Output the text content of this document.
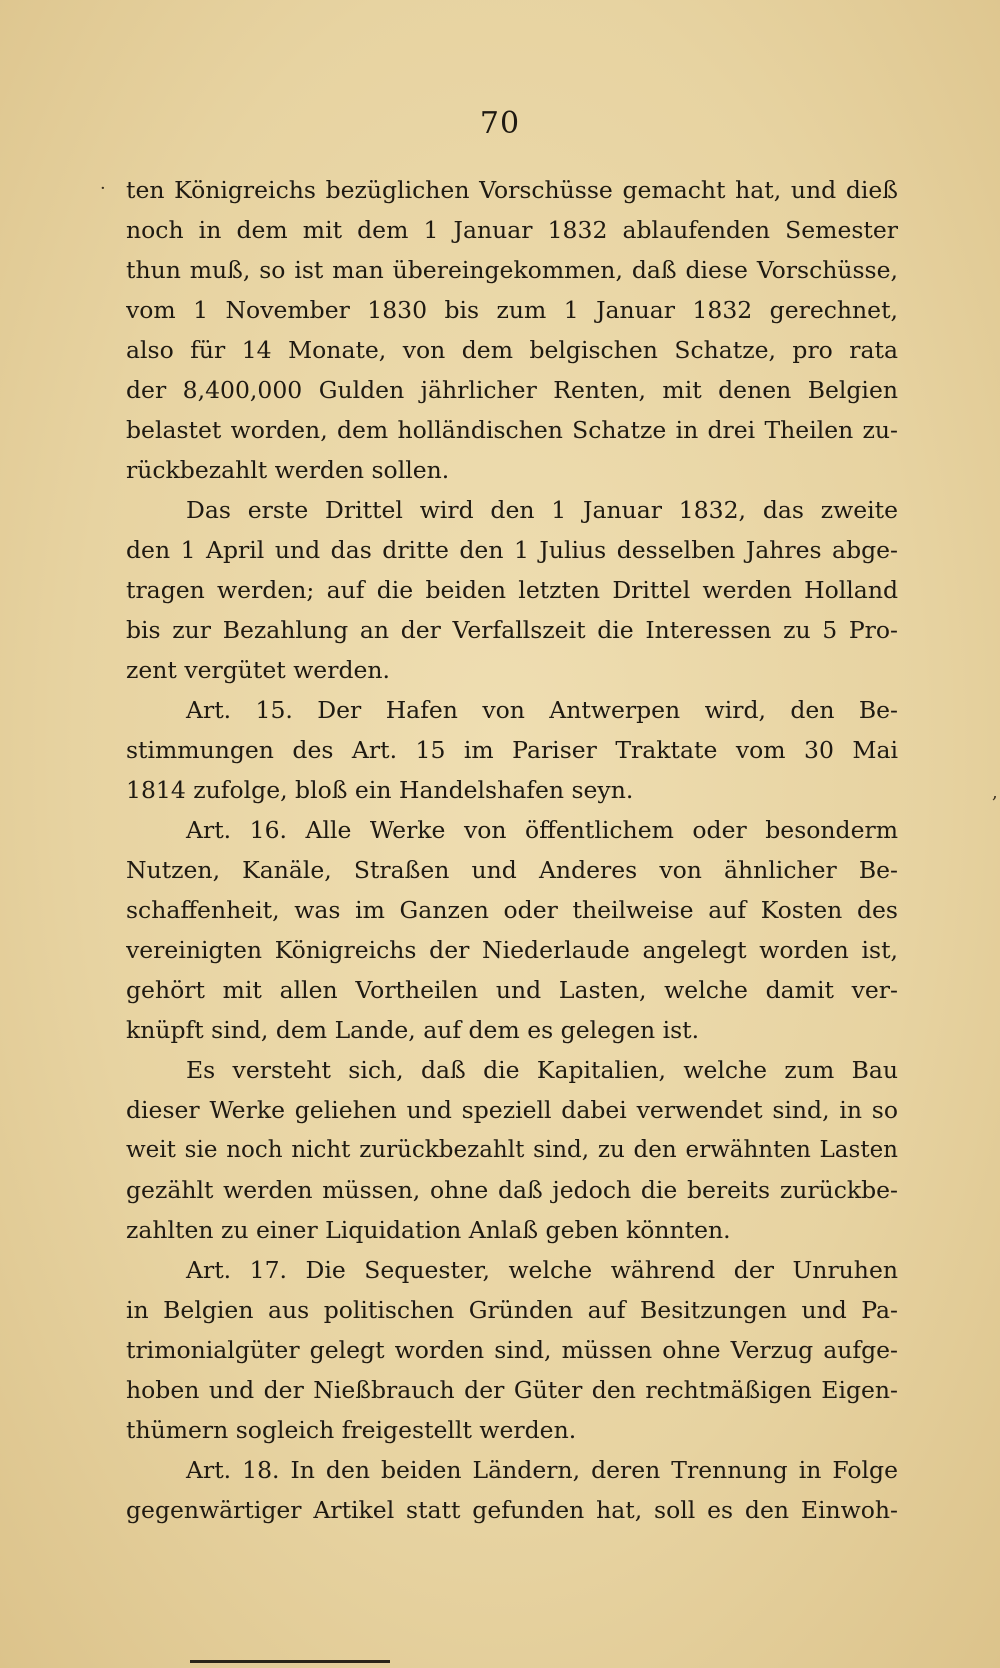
70
·
,
ten Königreichs bezüglichen Vorschüsse gemacht hat, und dieß
noch in dem mit dem 1 Januar 1832 ablaufenden Semester
thun muß, so ist man übereingekommen, daß diese Vorschüsse,
vom 1 November 1830 bis zum 1 Januar 1832 gerechnet,
also für 14 Monate, von dem belgischen Schatze, pro rata
der 8,400,000 Gulden jährlicher Renten, mit denen Belgien
belastet worden, dem holländischen Schatze in drei Theilen zu-
rückbezahlt werden sollen.
Das erste Drittel wird den 1 Januar 1832, das zweite
den 1 April und das dritte den 1 Julius desselben Jahres abge-
tragen werden; auf die beiden letzten Drittel werden Holland
bis zur Bezahlung an der Verfallszeit die Interessen zu 5 Pro-
zent vergütet werden.
Art. 15. Der Hafen von Antwerpen wird, den Be-
stimmungen des Art. 15 im Pariser Traktate vom 30 Mai
1814 zufolge, bloß ein Handelshafen seyn.
Art. 16. Alle Werke von öffentlichem oder besonderm
Nutzen, Kanäle, Straßen und Anderes von ähnlicher Be-
schaffenheit, was im Ganzen oder theilweise auf Kosten des
vereinigten Königreichs der Niederlaude angelegt worden ist,
gehört mit allen Vortheilen und Lasten, welche damit ver-
knüpft sind, dem Lande, auf dem es gelegen ist.
Es versteht sich, daß die Kapitalien, welche zum Bau
dieser Werke geliehen und speziell dabei verwendet sind, in so
weit sie noch nicht zurückbezahlt sind, zu den erwähnten Lasten
gezählt werden müssen, ohne daß jedoch die bereits zurückbe-
zahlten zu einer Liquidation Anlaß geben könnten.
Art. 17. Die Sequester, welche während der Unruhen
in Belgien aus politischen Gründen auf Besitzungen und Pa-
trimonialgüter gelegt worden sind, müssen ohne Verzug aufge-
hoben und der Nießbrauch der Güter den rechtmäßigen Eigen-
thümern sogleich freigestellt werden.
Art. 18. In den beiden Ländern, deren Trennung in Folge
gegenwärtiger Artikel statt gefunden hat, soll es den Einwoh-
